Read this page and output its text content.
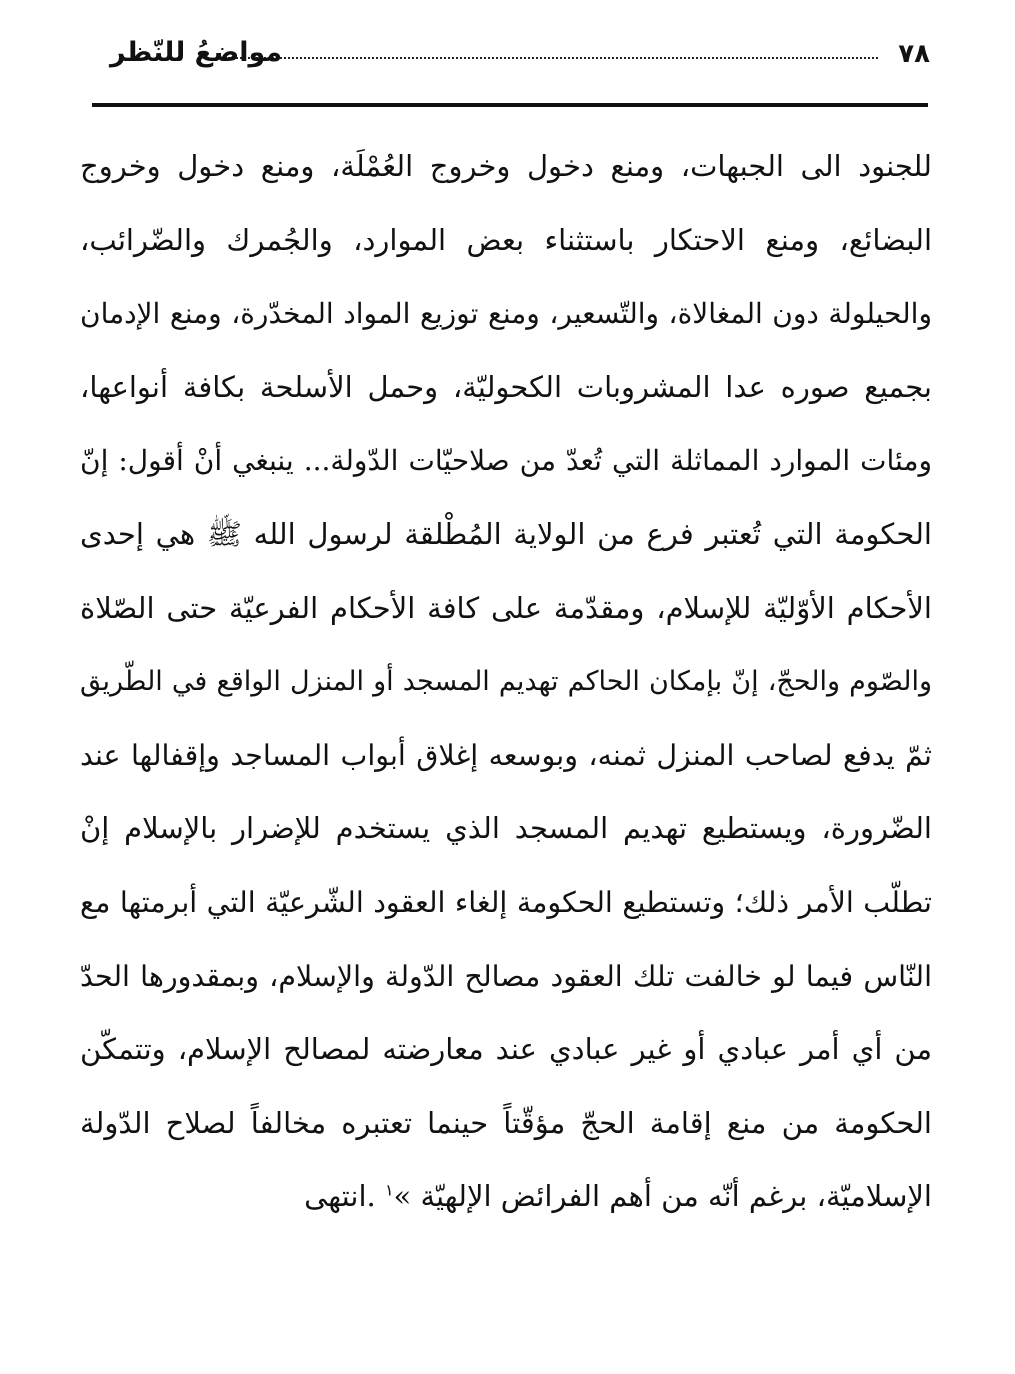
٧٨
مواضعُ للنّظر
للجنود الى الجبهات، ومنع دخول وخروج العُمْلَة، ومنع دخول وخروج
البضائع، ومنع الاحتكار باستثناء بعض الموارد، والجُمرك والضّرائب،
والحيلولة دون المغالاة، والتّسعير، ومنع توزيع المواد المخدّرة، ومنع الإدمان
بجميع صوره عدا المشروبات الكحوليّة، وحمل الأسلحة بكافة أنواعها،
ومئات الموارد المماثلة التي تُعدّ من صلاحيّات الدّولة... ينبغي أنْ أقول: إنّ
الحكومة التي تُعتبر فرع من الولاية المُطْلقة لرسول الله ﷺ هي إحدى
الأحكام الأوّليّة للإسلام، ومقدّمة على كافة الأحكام الفرعيّة حتى الصّلاة
والصّوم والحجّ، إنّ بإمكان الحاكم تهديم المسجد أو المنزل الواقع في الطّريق
ثمّ يدفع لصاحب المنزل ثمنه، وبوسعه إغلاق أبواب المساجد وإقفالها عند
الضّرورة، ويستطيع تهديم المسجد الذي يستخدم للإضرار بالإسلام إنْ
تطلّب الأمر ذلك؛ وتستطيع الحكومة إلغاء العقود الشّرعيّة التي أبرمتها مع
النّاس فيما لو خالفت تلك العقود مصالح الدّولة والإسلام، وبمقدورها الحدّ
من أي أمر عبادي أو غير عبادي عند معارضته لمصالح الإسلام، وتتمكّن
الحكومة من منع إقامة الحجّ مؤقّتاً حينما تعتبره مخالفاً لصلاح الدّولة
الإسلاميّة، برغم أنّه من أهم الفرائض الإلهيّة »$^١$ .انتهى
